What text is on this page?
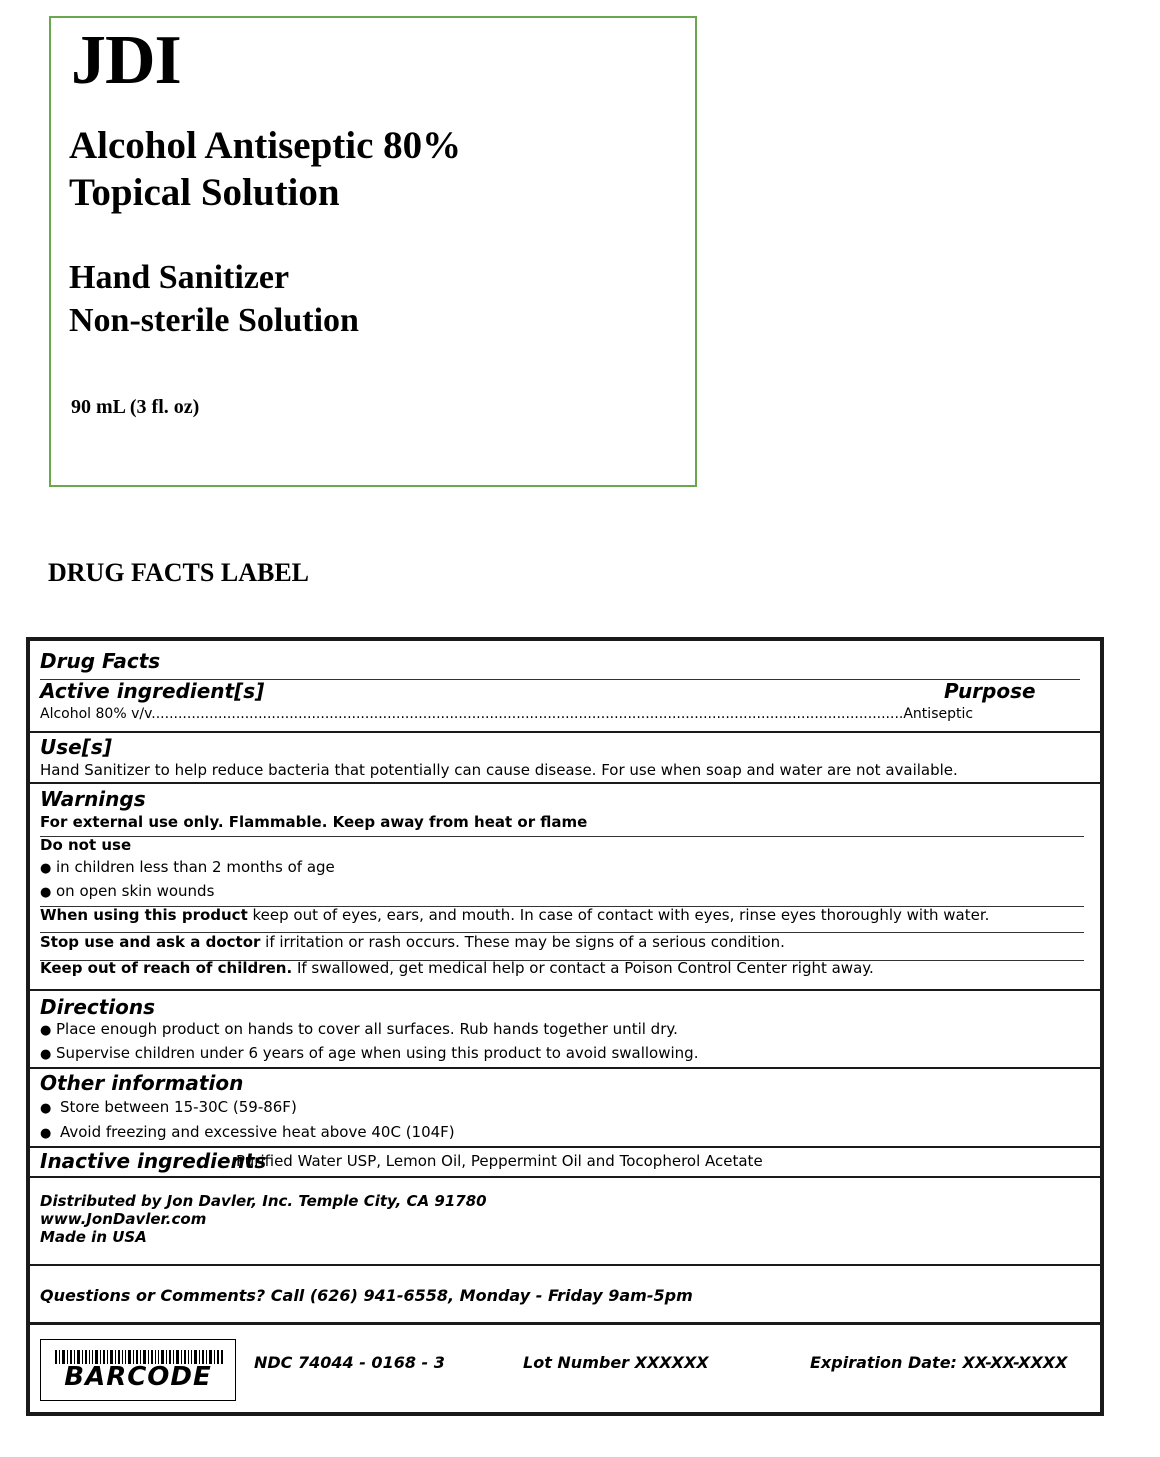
JDI
Alcohol Antiseptic 80%
Topical Solution
Hand Sanitizer
Non-sterile Solution
90 mL (3 fl. oz)
DRUG FACTS LABEL
Drug Facts
Active ingredient[s]	Purpose
Alcohol 80% v/v.........................................................................................................................................................................Antiseptic
Use[s]
Hand Sanitizer to help reduce bacteria that potentially can cause disease. For use when soap and water are not available.
Warnings
For external use only. Flammable. Keep away from heat or flame
Do not use
● in children less than 2 months of age
● on open skin wounds
When using this product keep out of eyes, ears, and mouth. In case of contact with eyes, rinse eyes thoroughly with water.
Stop use and ask a doctor if irritation or rash occurs. These may be signs of a serious condition.
Keep out of reach of children. If swallowed, get medical help or contact a Poison Control Center right away.
Directions
● Place enough product on hands to cover all surfaces. Rub hands together until dry.
● Supervise children under 6 years of age when using this product to avoid swallowing.
Other information
● Store between 15-30C (59-86F)
● Avoid freezing and excessive heat above 40C (104F)
Inactive ingredients
Purified Water USP, Lemon Oil, Peppermint Oil and Tocopherol Acetate
Distributed by Jon Davler, Inc. Temple City, CA 91780
www.JonDavler.com
Made in USA
Questions or Comments? Call (626) 941-6558, Monday - Friday 9am-5pm
BARCODE	NDC 74044 - 0168 - 3	Lot Number XXXXXX	Expiration Date: XX-XX-XXXX
